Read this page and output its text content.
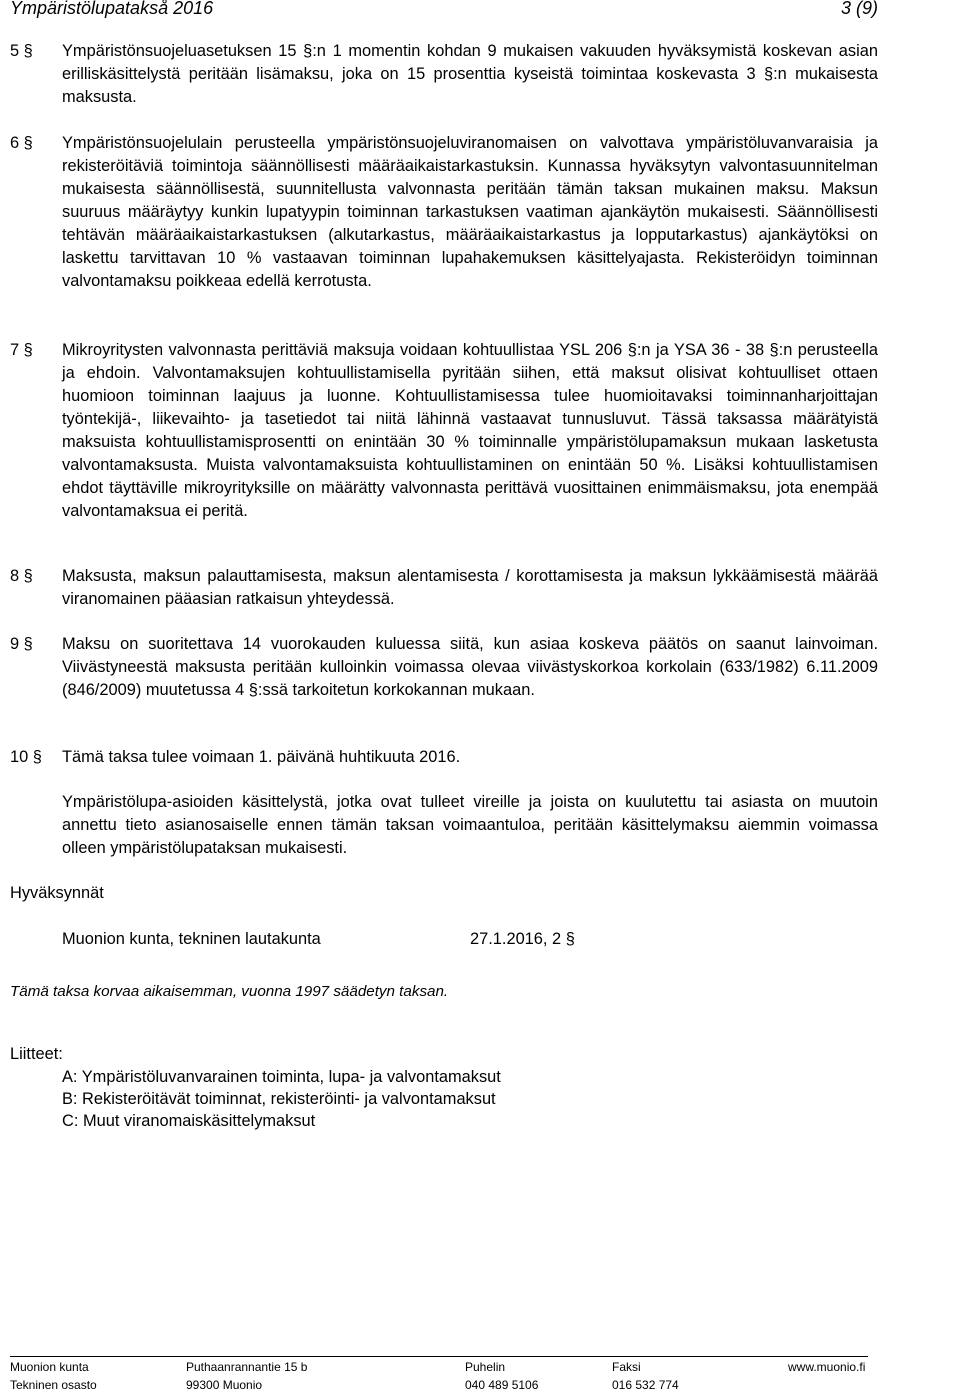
Ympäristölupatakså 2016	3 (9)
5 § Ympäristönsuojeluasetuksen 15 §:n 1 momentin kohdan 9 mukaisen vakuuden hyväksymistä koskevan asian erilliskäsittelystä peritään lisämaksu, joka on 15 prosenttia kyseistä toimintaa koskevasta 3 §:n mukaisesta maksusta.
6 § Ympäristönsuojelulain perusteella ympäristönsuojeluviranomaisen on valvottava ympäristöluvanvaraisia ja rekisteröitäviä toimintoja säännöllisesti määräaikaistarkastuksin. Kunnassa hyväksytyn valvontasuunnitelman mukaisesta säännöllisestä, suunnitellusta valvonnasta peritään tämän taksan mukainen maksu. Maksun suuruus määräytyy kunkin lupatyypin toiminnan tarkastuksen vaatiman ajankäytön mukaisesti. Säännöllisesti tehtävän määräaikaistarkastuksen (alkutarkastus, määräaikaistarkastus ja lopputarkastus) ajankäytöksi on laskettu tarvittavan 10 % vastaavan toiminnan lupahakemuksen käsittelyajasta. Rekisteröidyn toiminnan valvontamaksu poikkeaa edellä kerrotusta.
7 § Mikroyritysten valvonnasta perittäviä maksuja voidaan kohtuullistaa YSL 206 §:n ja YSA 36 - 38 §:n perusteella ja ehdoin. Valvontamaksujen kohtuullistamisella pyritään siihen, että maksut olisivat kohtuulliset ottaen huomioon toiminnan laajuus ja luonne. Kohtuullistamisessa tulee huomioitavaksi toiminnanharjoittajan työntekijä-, liikevaihto- ja tasetiedot tai niitä lähinnä vastaavat tunnusluvut. Tässä taksassa määrätyistä maksuista kohtuullistamisprosentti on enintään 30 % toiminnalle ympäristölupamaksun mukaan lasketusta valvontamaksusta. Muista valvontamaksuista kohtuullistaminen on enintään 50 %. Lisäksi kohtuullistamisen ehdot täyttäville mikroyrityksille on määrätty valvonnasta perittävä vuosittainen enimmäismaksu, jota enempää valvontamaksua ei peritä.
8 § Maksusta, maksun palauttamisesta, maksun alentamisesta / korottamisesta ja maksun lykkäämisestä määrää viranomainen pääasian ratkaisun yhteydessä.
9 § Maksu on suoritettava 14 vuorokauden kuluessa siitä, kun asiaa koskeva päätös on saanut lainvoiman. Viivästyneestä maksusta peritään kulloinkin voimassa olevaa viivästyskorkoa korkolain (633/1982) 6.11.2009 (846/2009) muutetussa 4 §:ssä tarkoitetun korkokannan mukaan.
10 § Tämä taksa tulee voimaan 1. päivänä huhtikuuta 2016.
Ympäristölupa-asioiden käsittelystä, jotka ovat tulleet vireille ja joista on kuulutettu tai asiasta on muutoin annettu tieto asianosaiselle ennen tämän taksan voimaantuloa, peritään käsittelymaksu aiemmin voimassa olleen ympäristölupataksan mukaisesti.
Hyväksynnät
Muonion kunta, tekninen lautakunta	27.1.2016, 2 §
Tämä taksa korvaa aikaisemman, vuonna 1997 säädetyn taksan.
Liitteet:
A: Ympäristöluvanvarainen toiminta, lupa- ja valvontamaksut
B: Rekisteröitävät toiminnat, rekisteröinti- ja valvontamaksut
C: Muut viranomaiskäsittelymaksut
Muonion kunta
Tekninen osasto
Puthaanrannantie 15 b
99300 Muonio
Puhelin
040 489 5106
Faksi
016 532 774
www.muonio.fi
